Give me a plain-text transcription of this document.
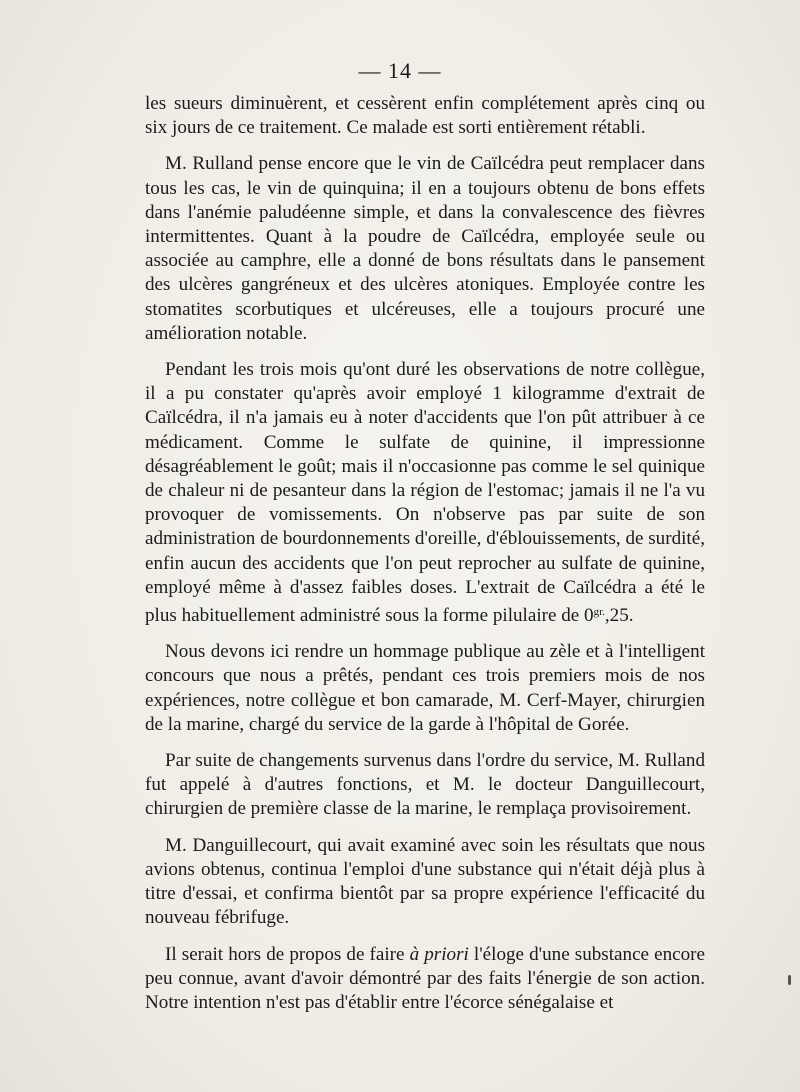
— 14 —

les sueurs diminuèrent, et cessèrent enfin complétement après cinq ou six jours de ce traitement. Ce malade est sorti entièrement rétabli.

M. Rulland pense encore que le vin de Caïlcédra peut remplacer dans tous les cas, le vin de quinquina; il en a toujours obtenu de bons effets dans l'anémie paludéenne simple, et dans la convalescence des fièvres intermittentes. Quant à la poudre de Caïlcédra, employée seule ou associée au camphre, elle a donné de bons résultats dans le pansement des ulcères gangréneux et des ulcères atoniques. Employée contre les stomatites scorbutiques et ulcéreuses, elle a toujours procuré une amélioration notable.

Pendant les trois mois qu'ont duré les observations de notre collègue, il a pu constater qu'après avoir employé 1 kilogramme d'extrait de Caïlcédra, il n'a jamais eu à noter d'accidents que l'on pût attribuer à ce médicament. Comme le sulfate de quinine, il impressionne désagréablement le goût; mais il n'occasionne pas comme le sel quinique de chaleur ni de pesanteur dans la région de l'estomac; jamais il ne l'a vu provoquer de vomissements. On n'observe pas par suite de son administration de bourdonnements d'oreille, d'éblouissements, de surdité, enfin aucun des accidents que l'on peut reprocher au sulfate de quinine, employé même à d'assez faibles doses. L'extrait de Caïlcédra a été le plus habituellement administré sous la forme pilulaire de $0^{gr.},25$.

Nous devons ici rendre un hommage publique au zèle et à l'intelligent concours que nous a prêtés, pendant ces trois premiers mois de nos expériences, notre collègue et bon camarade, M. Cerf-Mayer, chirurgien de la marine, chargé du service de la garde à l'hôpital de Gorée.

Par suite de changements survenus dans l'ordre du service, M. Rulland fut appelé à d'autres fonctions, et M. le docteur Danguillecourt, chirurgien de première classe de la marine, le remplaça provisoirement.

M. Danguillecourt, qui avait examiné avec soin les résultats que nous avions obtenus, continua l'emploi d'une substance qui n'était déjà plus à titre d'essai, et confirma bientôt par sa propre expérience l'efficacité du nouveau fébrifuge.

Il serait hors de propos de faire à priori l'éloge d'une substance encore peu connue, avant d'avoir démontré par des faits l'énergie de son action. Notre intention n'est pas d'établir entre l'écorce sénégalaise et
